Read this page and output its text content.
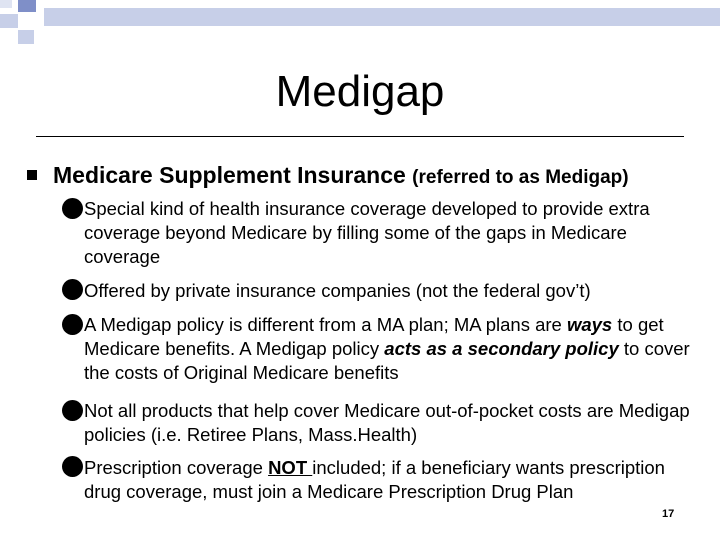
Medigap
Medicare Supplement Insurance (referred to as Medigap)
Special kind of health insurance coverage developed to provide extra coverage beyond Medicare by filling some of the gaps in Medicare coverage
Offered by private insurance companies (not the federal gov’t)
A Medigap policy is different from a MA plan; MA plans are ways to get Medicare benefits. A Medigap policy acts as a secondary policy to cover the costs of Original Medicare benefits
Not all products that help cover Medicare out-of-pocket costs are Medigap policies (i.e. Retiree Plans, Mass.Health)
Prescription coverage NOT included; if a beneficiary wants prescription drug coverage, must join a Medicare Prescription Drug Plan
17
